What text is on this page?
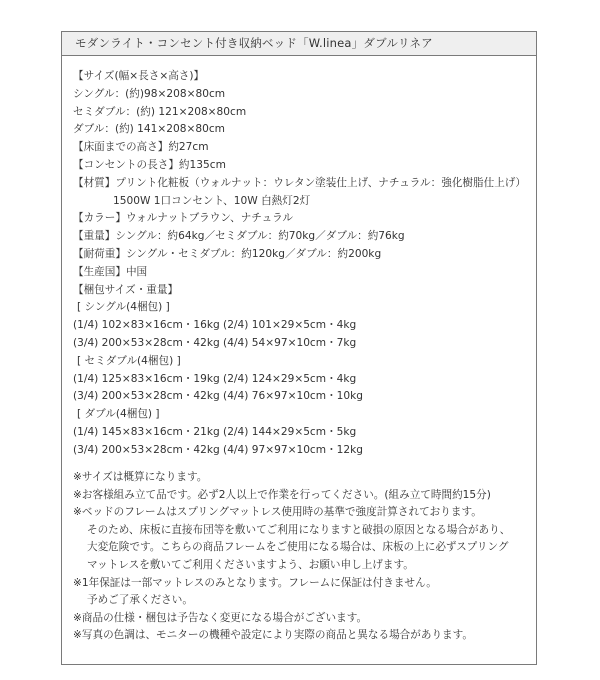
モダンライト・コンセント付き収納ベッド「W.linea」ダブルリネア
【サイズ(幅×長さ×高さ)】
シングル：(約)98×208×80cm
セミダブル：(約) 121×208×80cm
ダブル：(約) 141×208×80cm
【床面までの高さ】約27cm
【コンセントの長さ】約135cm
【材質】プリント化粧板（ウォルナット：ウレタン塗装仕上げ、ナチュラル：強化樹脂仕上げ）
1500W 1口コンセント、10W 白熱灯2灯
【カラー】ウォルナットブラウン、ナチュラル
【重量】シングル：約64kg／セミダブル：約70kg／ダブル：約76kg
【耐荷重】シングル・セミダブル：約120kg／ダブル：約200kg
【生産国】中国
【梱包サイズ・重量】
[ シングル(4梱包) ]
(1/4) 102×83×16cm・16kg (2/4) 101×29×5cm・4kg
(3/4) 200×53×28cm・42kg (4/4) 54×97×10cm・7kg
[ セミダブル(4梱包) ]
(1/4) 125×83×16cm・19kg (2/4) 124×29×5cm・4kg
(3/4) 200×53×28cm・42kg (4/4) 76×97×10cm・10kg
[ ダブル(4梱包) ]
(1/4) 145×83×16cm・21kg (2/4) 144×29×5cm・5kg
(3/4) 200×53×28cm・42kg (4/4) 97×97×10cm・12kg
※サイズは概算になります。
※お客様組み立て品です。必ず2人以上で作業を行ってください。(組み立て時間約15分)
※ベッドのフレームはスプリングマットレス使用時の基準で強度計算されております。
そのため、床板に直接布団等を敷いてご利用になりますと破損の原因となる場合があり、
大変危険です。こちらの商品フレームをご使用になる場合は、床板の上に必ずスプリング
マットレスを敷いてご利用くださいますよう、お願い申し上げます。
※1年保証は一部マットレスのみとなります。フレームに保証は付きません。
予めご了承ください。
※商品の仕様・梱包は予告なく変更になる場合がございます。
※写真の色調は、モニターの機種や設定により実際の商品と異なる場合があります。
